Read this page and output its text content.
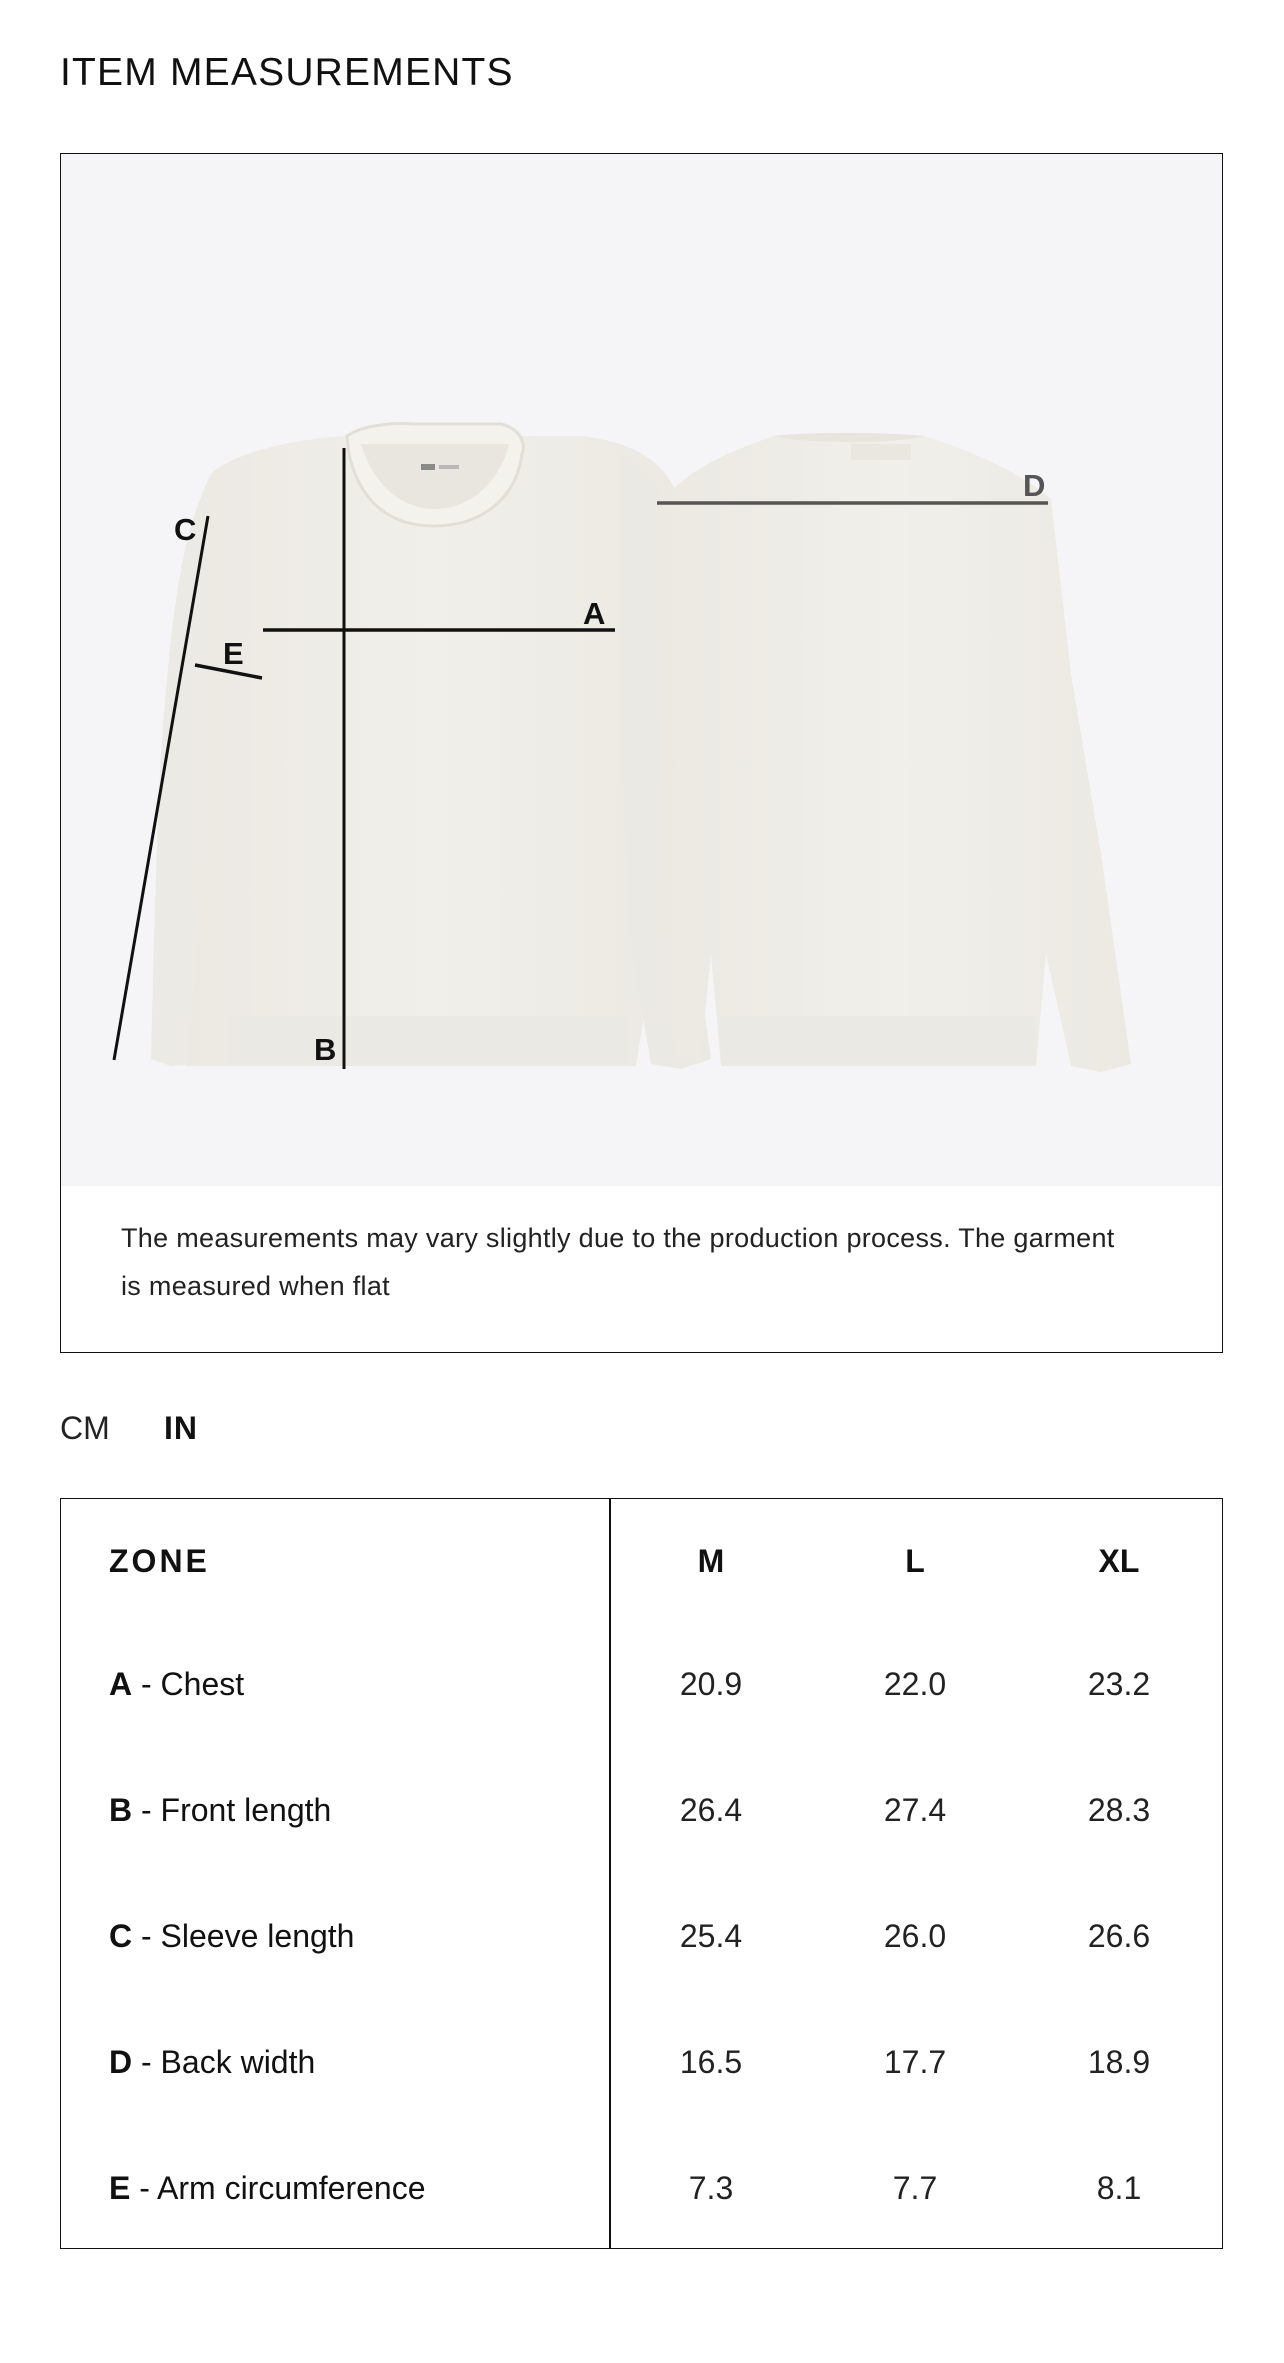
ITEM MEASUREMENTS
C
A
E
B
D
The measurements may vary slightly due to the production process. The garment
is measured when flat
CM IN
ZONE	M	L	XL
A - Chest	20.9	22.0	23.2
B - Front length	26.4	27.4	28.3
C - Sleeve length	25.4	26.0	26.6
D - Back width	16.5	17.7	18.9
E - Arm circumference	7.3	7.7	8.1
